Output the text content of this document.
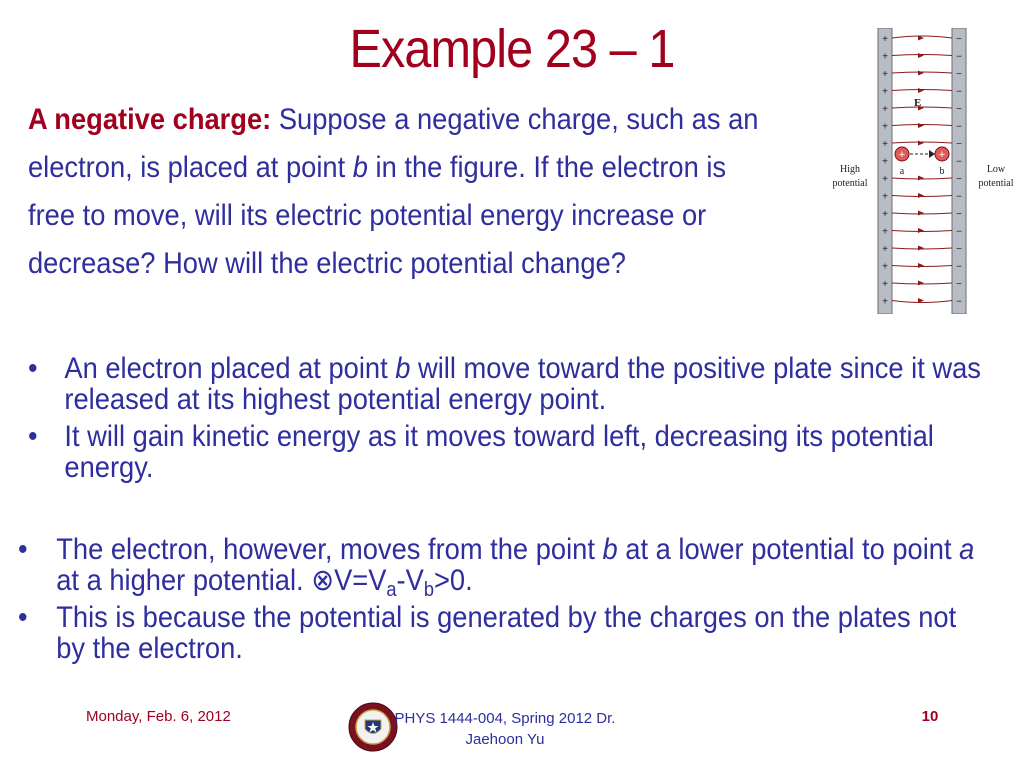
Example 23 – 1
A negative charge: Suppose a negative charge, such as an electron, is placed at point b in the figure. If the electron is free to move, will its electric potential energy increase or decrease? How will the electric potential change?
• An electron placed at point b will move toward the positive plate since it was released at its highest potential energy point.
• It will gain kinetic energy as it moves toward left, decreasing its potential energy.
• The electron, however, moves from the point b at a lower potential to point a at a higher potential. $\otimes V=V_a-V_b>0$.
• This is because the potential is generated by the charges on the plates not by the electron.
+
+
+
+
+
+
+
+
+
+
+
+
+
+
+
+
−
−
−
−
−
−
−
−
−
−
−
−
−
−
−
−
E
+	+
a	b
High
potential
Low
potential
Monday, Feb. 6, 2012	PHYS 1444-004, Spring 2012 Dr. Jaehoon Yu
10
